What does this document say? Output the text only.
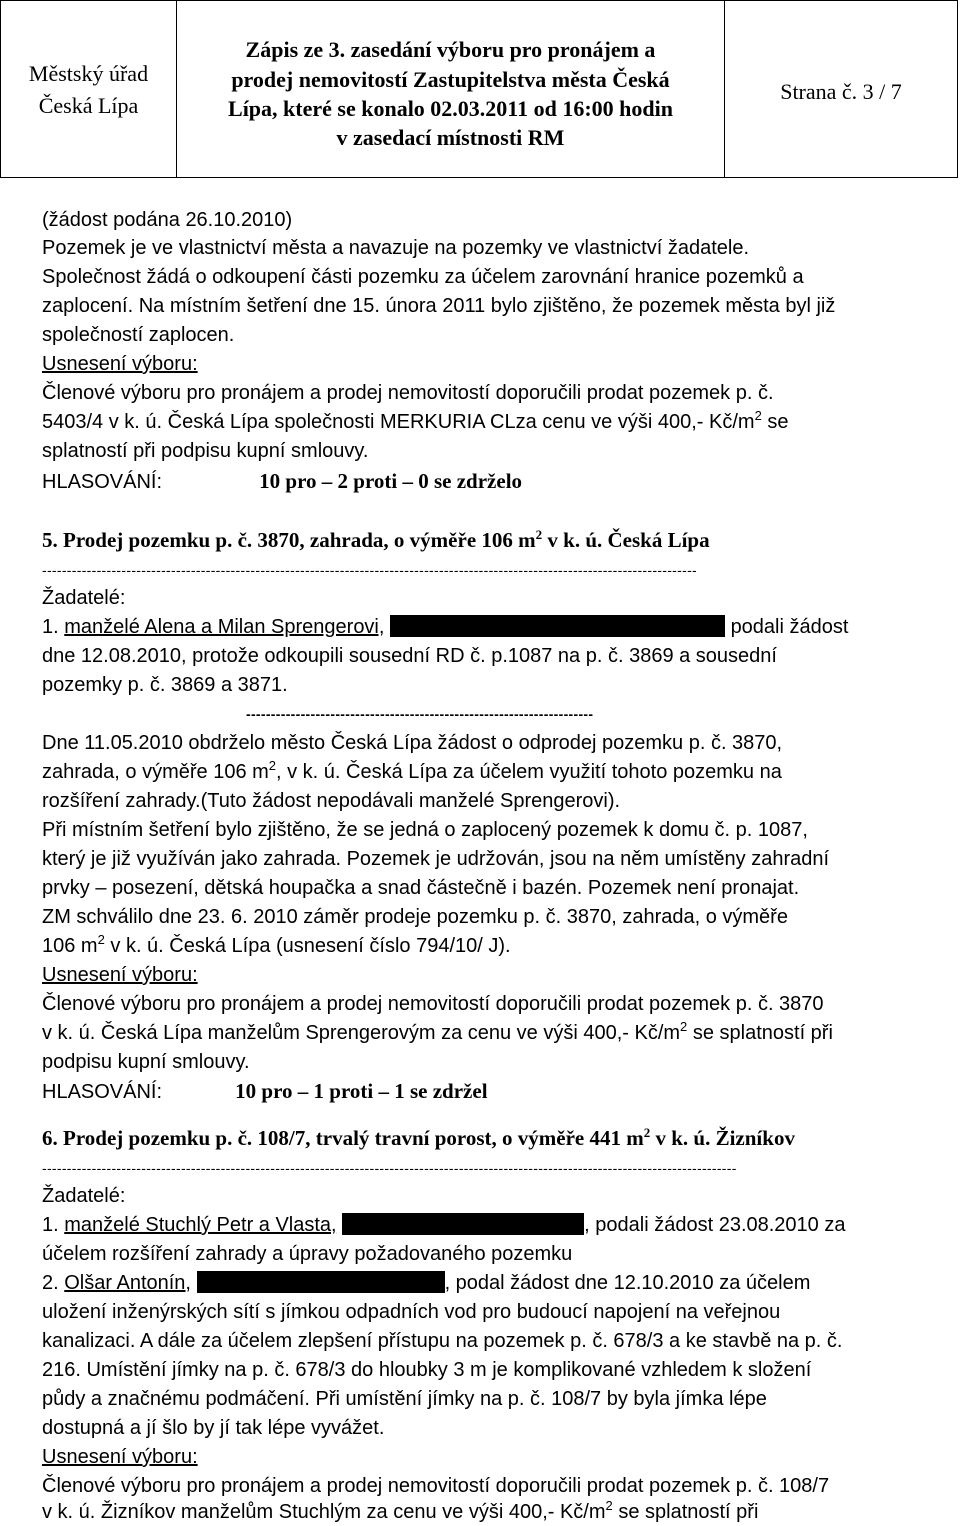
Městský úřad
Česká Lípa
Zápis ze 3. zasedání výboru pro pronájem a
prodej nemovitostí Zastupitelstva města Česká
Lípa, které se konalo 02.03.2011 od 16:00 hodin
v zasedací místnosti RM
Strana č. 3 / 7
(žádost podána 26.10.2010)
Pozemek je ve vlastnictví města a navazuje na pozemky ve vlastnictví žadatele.
Společnost žádá o odkoupení části pozemku za účelem zarovnání hranice pozemků a
zaplocení. Na místním šetření dne 15. února 2011 bylo zjištěno, že pozemek města byl již
společností zaplocen.
Usnesení výboru:
Členové výboru pro pronájem a prodej nemovitostí doporučili prodat pozemek p. č.
5403/4 v k. ú. Česká Lípa společnosti MERKURIA CLza cenu ve výši 400,- $Kč/m^2$ se
splatností při podpisu kupní smlouvy.
HLASOVÁNÍ:	10 pro – 2 proti – 0 se zdrželo
5. Prodej pozemku p. č. 3870, zahrada, o výměře 106 $m^2$ v k. ú. Česká Lípa
------------------------------------------------------------------------------------------------------------------------------------
Žadatelé:
1. manželé Alena a Milan Sprengerovi,	podali žádost
dne 12.08.2010, protože odkoupili sousední RD č. p.1087 na p. č. 3869 a sousední
pozemky p. č. 3869 a 3871.
----------------------------------------------------------------------
Dne 11.05.2010 obdrželo město Česká Lípa žádost o odprodej pozemku p. č. 3870,
zahrada, o výměře 106 $m^2$, v k. ú. Česká Lípa za účelem využití tohoto pozemku na
rozšíření zahrady.(Tuto žádost nepodávali manželé Sprengerovi).
Při místním šetření bylo zjištěno, že se jedná o zaplocený pozemek k domu č. p. 1087,
který je již využíván jako zahrada. Pozemek je udržován, jsou na něm umístěny zahradní
prvky – posezení, dětská houpačka a snad částečně i bazén. Pozemek není pronajat.
ZM schválilo dne 23. 6. 2010 záměr prodeje pozemku p. č. 3870, zahrada, o výměře
106 $m^2$ v k. ú. Česká Lípa (usnesení číslo 794/10/ J).
Usnesení výboru:
Členové výboru pro pronájem a prodej nemovitostí doporučili prodat pozemek p. č. 3870
v k. ú. Česká Lípa manželům Sprengerovým za cenu ve výši 400,- $Kč/m^2$ se splatností při
podpisu kupní smlouvy.
HLASOVÁNÍ:	10 pro – 1 proti – 1 se zdržel
6. Prodej pozemku p. č. 108/7, trvalý travní porost, o výměře 441 $m^2$ v k. ú. Žizníkov
--------------------------------------------------------------------------------------------------------------------------------------------
Žadatelé:
1. manželé Stuchlý Petr a Vlasta,	, podali žádost 23.08.2010 za
účelem rozšíření zahrady a úpravy požadovaného pozemku
2. Olšar Antonín,	, podal žádost dne 12.10.2010 za účelem
uložení inženýrských sítí s jímkou odpadních vod pro budoucí napojení na veřejnou
kanalizaci. A dále za účelem zlepšení přístupu na pozemek p. č. 678/3 a ke stavbě na p. č.
216. Umístění jímky na p. č. 678/3 do hloubky 3 m je komplikované vzhledem k složení
půdy a značnému podmáčení. Při umístění jímky na p. č. 108/7 by byla jímka lépe
dostupná a jí šlo by jí tak lépe vyvážet.
Usnesení výboru:
Členové výboru pro pronájem a prodej nemovitostí doporučili prodat pozemek p. č. 108/7
v k. ú. Žizníkov manželům Stuchlým za cenu ve výši 400,- $Kč/m^2$ se splatností při
